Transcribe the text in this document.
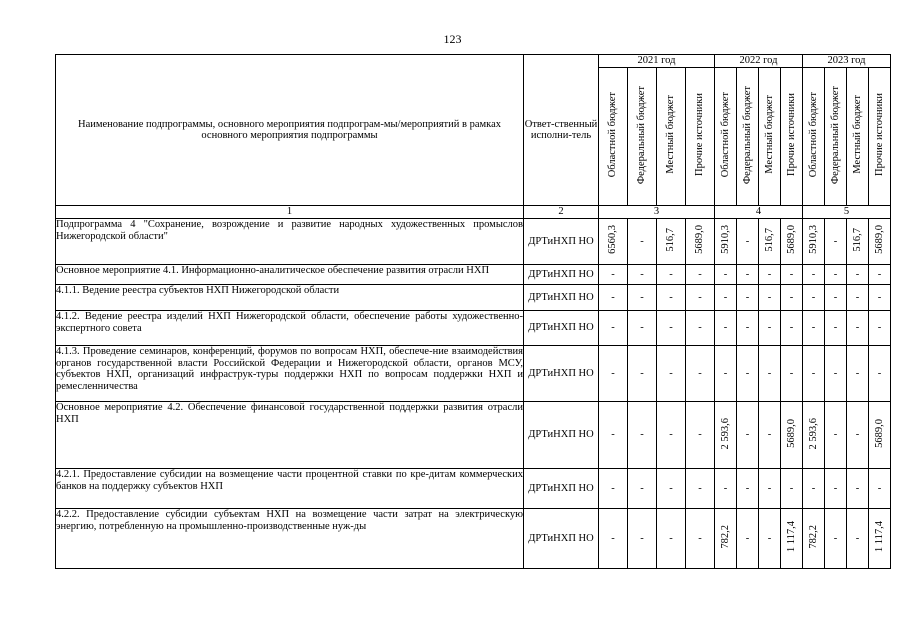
123
Наименование подпрограммы, основного мероприятия подпрограм-мы/мероприятий в рамках основного мероприятия подпрограммы	Ответ-ственный исполни-тель	2021 год				2022 год				2023 год			
		Областной бюджет	Федеральный бюджет	Местный бюджет	Прочие источники	Областной бюджет	Федеральный бюджет	Местный бюджет	Прочие источники	Областной бюджет	Федеральный бюджет	Местный бюджет	Прочие источники
1	2	3				4				5			
Подпрограмма 4 "Сохранение, возрождение и развитие народных художественных промыслов Нижегородской области"	ДРТиНХП НО	6560,3	-	516,7	5689,0	5910,3	-	516,7	5689,0	5910,3	-	516,7	5689,0
Основное мероприятие 4.1. Информационно-аналитическое обеспечение развития отрасли НХП	ДРТиНХП НО	-	-	-	-	-	-	-	-	-	-	-	-
4.1.1. Ведение реестра субъектов НХП Нижегородской области	ДРТиНХП НО	-	-	-	-	-	-	-	-	-	-	-	-
4.1.2. Ведение реестра изделий НХП Нижегородской области, обеспечение работы художественно-экспертного совета	ДРТиНХП НО	-	-	-	-	-	-	-	-	-	-	-	-
4.1.3. Проведение семинаров, конференций, форумов по вопросам НХП, обеспече-ние взаимодействия органов государственной власти Российской Федерации и Нижегородской области, органов МСУ, субъектов НХП, организаций инфраструк-туры поддержки НХП по вопросам поддержки НХП и ремесленничества	ДРТиНХП НО	-	-	-	-	-	-	-	-	-	-	-	-
Основное мероприятие 4.2. Обеспечение финансовой государственной поддержки развития отрасли НХП	ДРТиНХП НО	-	-	-	-	2 593,6	-	-	5689,0	2 593,6	-	-	5689,0
4.2.1. Предоставление субсидии на возмещение части процентной ставки по кре-дитам коммерческих банков на поддержку субъектов НХП	ДРТиНХП НО	-	-	-	-	-	-	-	-	-	-	-	-
4.2.2. Предоставление субсидии субъектам НХП на возмещение части затрат на электрическую энергию, потребленную на промышленно-производственные нуж-ды	ДРТиНХП НО	-	-	-	-	782,2	-	-	1 117,4	782,2	-	-	1 117,4
